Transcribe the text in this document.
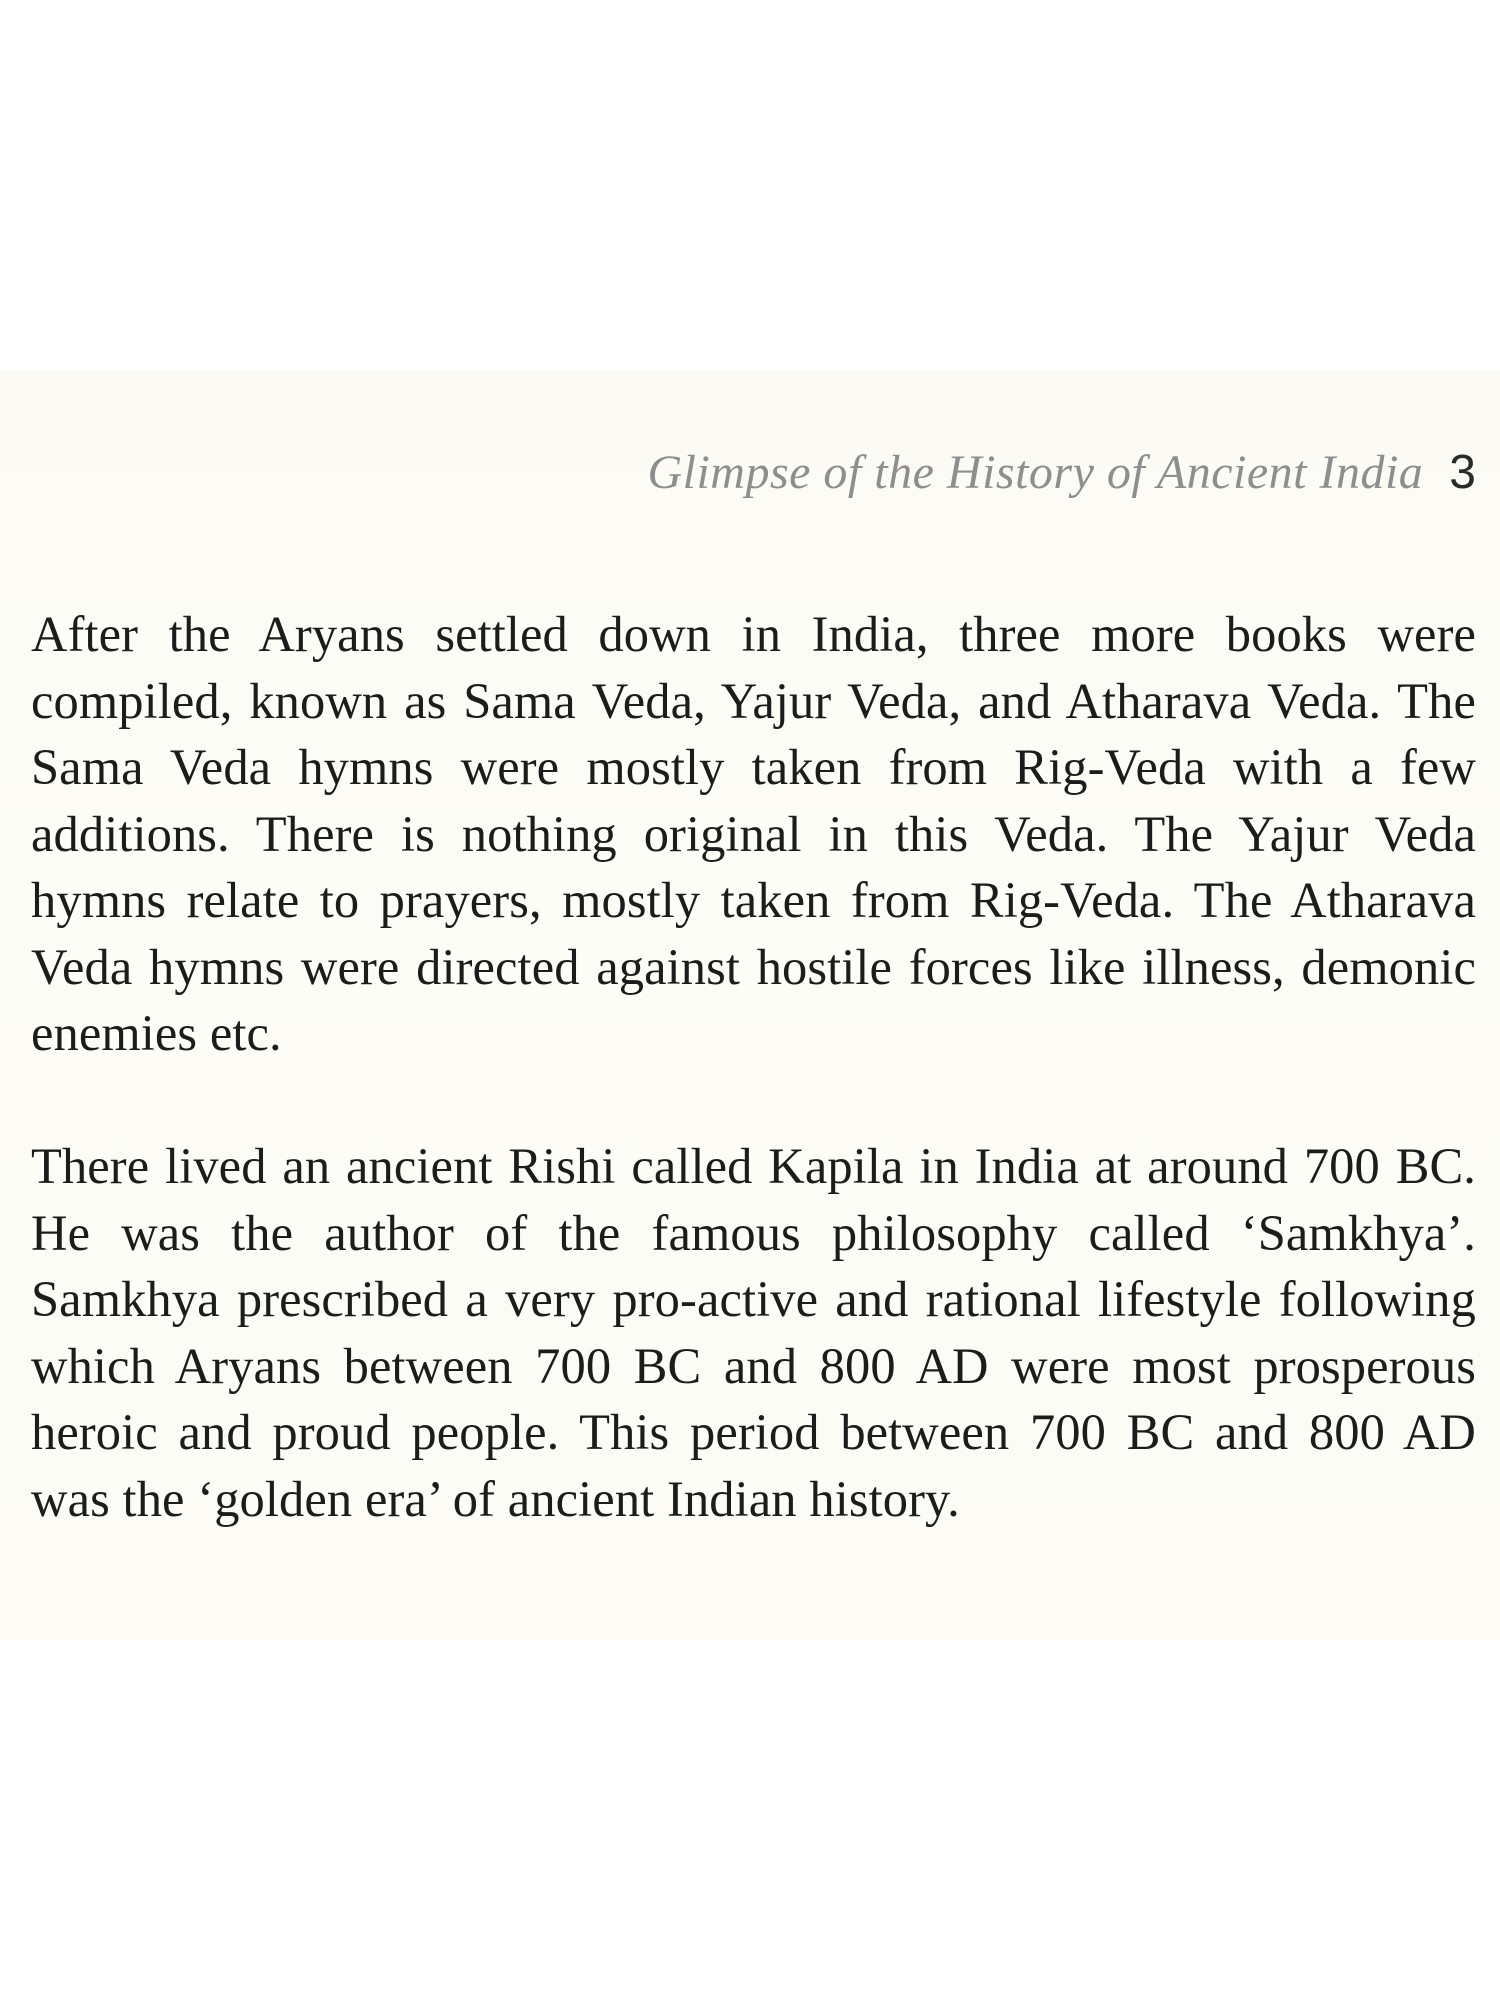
Glimpse of the History of Ancient India 3

After the Aryans settled down in India, three more books were compiled, known as Sama Veda, Yajur Veda, and Atharava Veda. The Sama Veda hymns were mostly taken from Rig-Veda with a few additions. There is nothing original in this Veda. The Yajur Veda hymns relate to prayers, mostly taken from Rig-Veda. The Atharava Veda hymns were directed against hostile forces like illness, demonic enemies etc.

There lived an ancient Rishi called Kapila in India at around 700 BC. He was the author of the famous philosophy called ‘Samkhya’. Samkhya prescribed a very pro-active and rational lifestyle following which Aryans between 700 BC and 800 AD were most prosperous heroic and proud people. This period between 700 BC and 800 AD was the ‘golden era’ of ancient Indian history.
